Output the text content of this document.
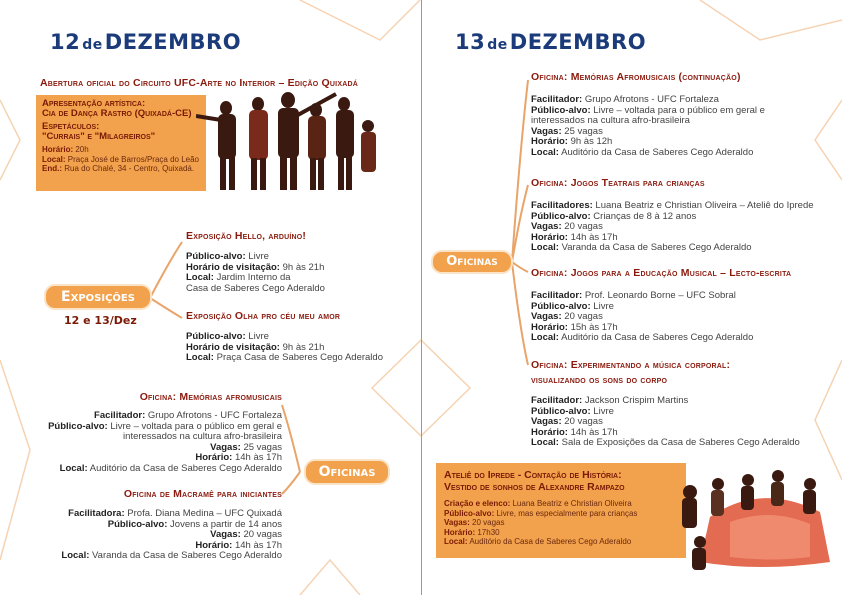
12 deDEZEMBRO
Abertura oficial do Circuito UFC-Arte no Interior – Edição Quixadá
Apresentação artística:
Cia de Dança Rastro (Quixadá-CE)
Espetáculos:
"Currais" e "Milagreiros"
Horário: 20h
Local: Praça José de Barros/Praça do Leão
End.: Rua do Chalé, 34 - Centro, Quixadá.
Exposições
12 e 13/Dez
Exposição Hello, arduíno!
Público-alvo: Livre
Horário de visitação: 9h às 21h
Local: Jardim Interno da
Casa de Saberes Cego Aderaldo
Exposição Olha pro céu meu amor
Público-alvo: Livre
Horário de visitação: 9h às 21h
Local: Praça Casa de Saberes Cego Aderaldo
Oficina: Memórias afromusicais
Facilitador: Grupo Afrotons - UFC Fortaleza
Público-alvo: Livre – voltada para o público em geral e
interessados na cultura afro-brasileira
Vagas: 25 vagas
Horário: 14h às 17h
Local: Auditório da Casa de Saberes Cego Aderaldo	Oficinas
Oficina de Macramê para iniciantes
Facilitadora: Profa. Diana Medina – UFC Quixadá
Público-alvo: Jovens a partir de 14 anos
Vagas: 20 vagas
Horário: 14h às 17h
Local: Varanda da Casa de Saberes Cego Aderaldo
13 deDEZEMBRO
Oficinas
Oficina: Memórias Afromusicais (continuação)
Facilitador: Grupo Afrotons - UFC Fortaleza
Público-alvo: Livre – voltada para o público em geral e
interessados na cultura afro-brasileira
Vagas: 25 vagas
Horário: 9h às 12h
Local: Auditório da Casa de Saberes Cego Aderaldo
Oficina: Jogos Teatrais para crianças
Facilitadores: Luana Beatriz e Christian Oliveira – Ateliê do Iprede
Público-alvo: Crianças de 8 à 12 anos
Vagas: 20 vagas
Horário: 14h às 17h
Local: Varanda da Casa de Saberes Cego Aderaldo
Oficina: Jogos para a Educação Musical – Lecto-escrita
Facilitador: Prof. Leonardo Borne – UFC Sobral
Público-alvo: Livre
Vagas: 20 vagas
Horário: 15h às 17h
Local: Auditório da Casa de Saberes Cego Aderaldo
Oficina: Experimentando a música corporal:
visualizando os sons do corpo
Facilitador: Jackson Crispim Martins
Público-alvo: Livre
Vagas: 20 vagas
Horário: 14h às 17h
Local: Sala de Exposições da Casa de Saberes Cego Aderaldo
Ateliê do Iprede - Contação de História:
Vestido de sonhos de Alexandre Rampazo
Criação e elenco: Luana Beatriz e Christian Oliveira
Público-alvo: Livre, mas especialmente para crianças
Vagas: 20 vagas
Horário: 17h30
Local: Auditório da Casa de Saberes Cego Aderaldo
